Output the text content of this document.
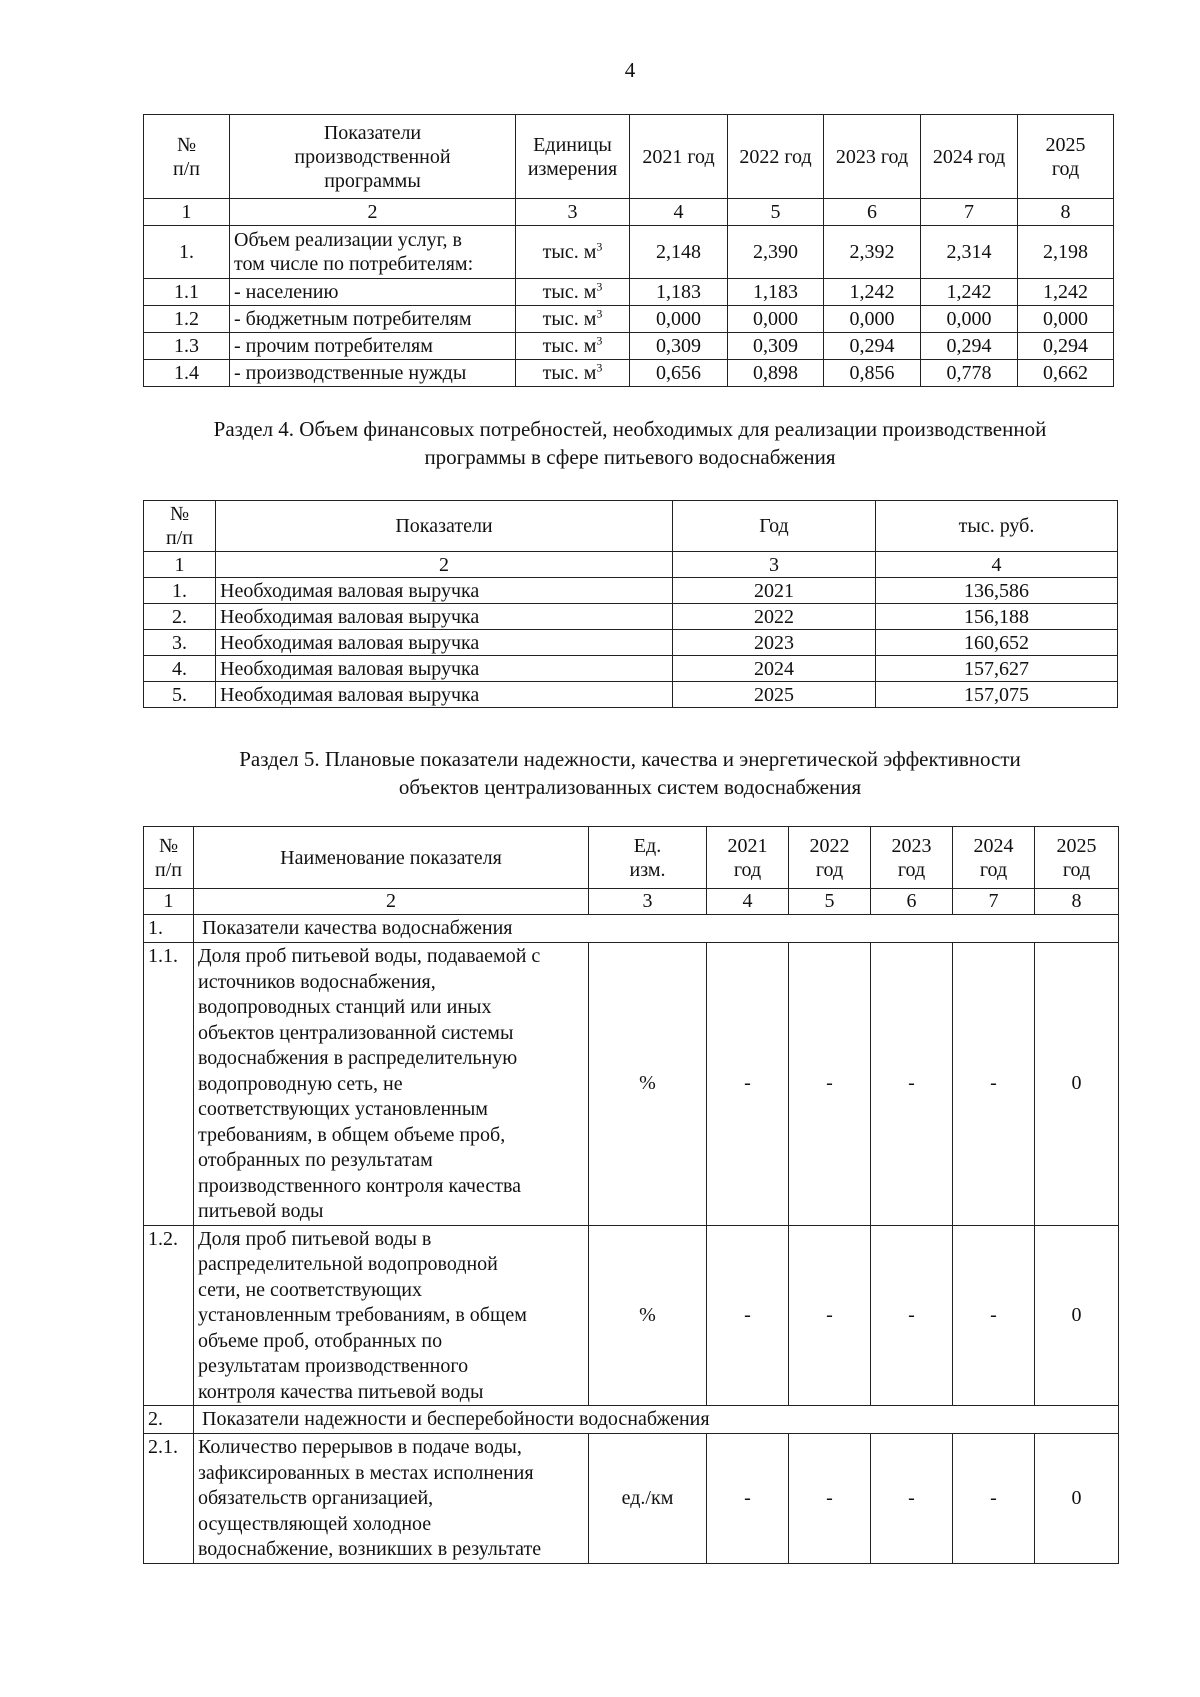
4
№
п/п	Показатели
производственной
программы	Единицы
измерения	2021 год	2022 год	2023 год	2024 год	2025
год
1	2	3	4	5	6	7	8
1.	Объем реализации услуг, в
том числе по потребителям:	тыс. $м^3$	2,148	2,390	2,392	2,314	2,198
1.1	- населению	тыс. $м^3$	1,183	1,183	1,242	1,242	1,242
1.2	- бюджетным потребителям	тыс. $м^3$	0,000	0,000	0,000	0,000	0,000
1.3	- прочим потребителям	тыс. $м^3$	0,309	0,309	0,294	0,294	0,294
1.4	- производственные нужды	тыс. $м^3$	0,656	0,898	0,856	0,778	0,662
Раздел 4. Объем финансовых потребностей, необходимых для реализации производственной
программы в сфере питьевого водоснабжения
№
п/п	Показатели	Год	тыс. руб.
1	2	3	4
1.	Необходимая валовая выручка	2021	136,586
2.	Необходимая валовая выручка	2022	156,188
3.	Необходимая валовая выручка	2023	160,652
4.	Необходимая валовая выручка	2024	157,627
5.	Необходимая валовая выручка	2025	157,075
Раздел 5. Плановые показатели надежности, качества и энергетической эффективности
объектов централизованных систем водоснабжения
№
п/п	Наименование показателя	Ед.
изм.	2021
год	2022
год	2023
год	2024
год	2025
год
1	2	3	4	5	6	7	8
1.	Показатели качества водоснабжения						
1.1.	Доля проб питьевой воды, подаваемой с
источников водоснабжения,
водопроводных станций или иных
объектов централизованной системы
водоснабжения в распределительную
водопроводную сеть, не
соответствующих установленным
требованиям, в общем объеме проб,
отобранных по результатам
производственного контроля качества
питьевой воды	%	-	-	-	-	0
1.2.	Доля проб питьевой воды в
распределительной водопроводной
сети, не соответствующих
установленным требованиям, в общем
объеме проб, отобранных по
результатам производственного
контроля качества питьевой воды	%	-	-	-	-	0
2.	Показатели надежности и бесперебойности водоснабжения						
2.1.	Количество перерывов в подаче воды,
зафиксированных в местах исполнения
обязательств организацией,
осуществляющей холодное
водоснабжение, возникших в результате	ед./км	-	-	-	-	0
